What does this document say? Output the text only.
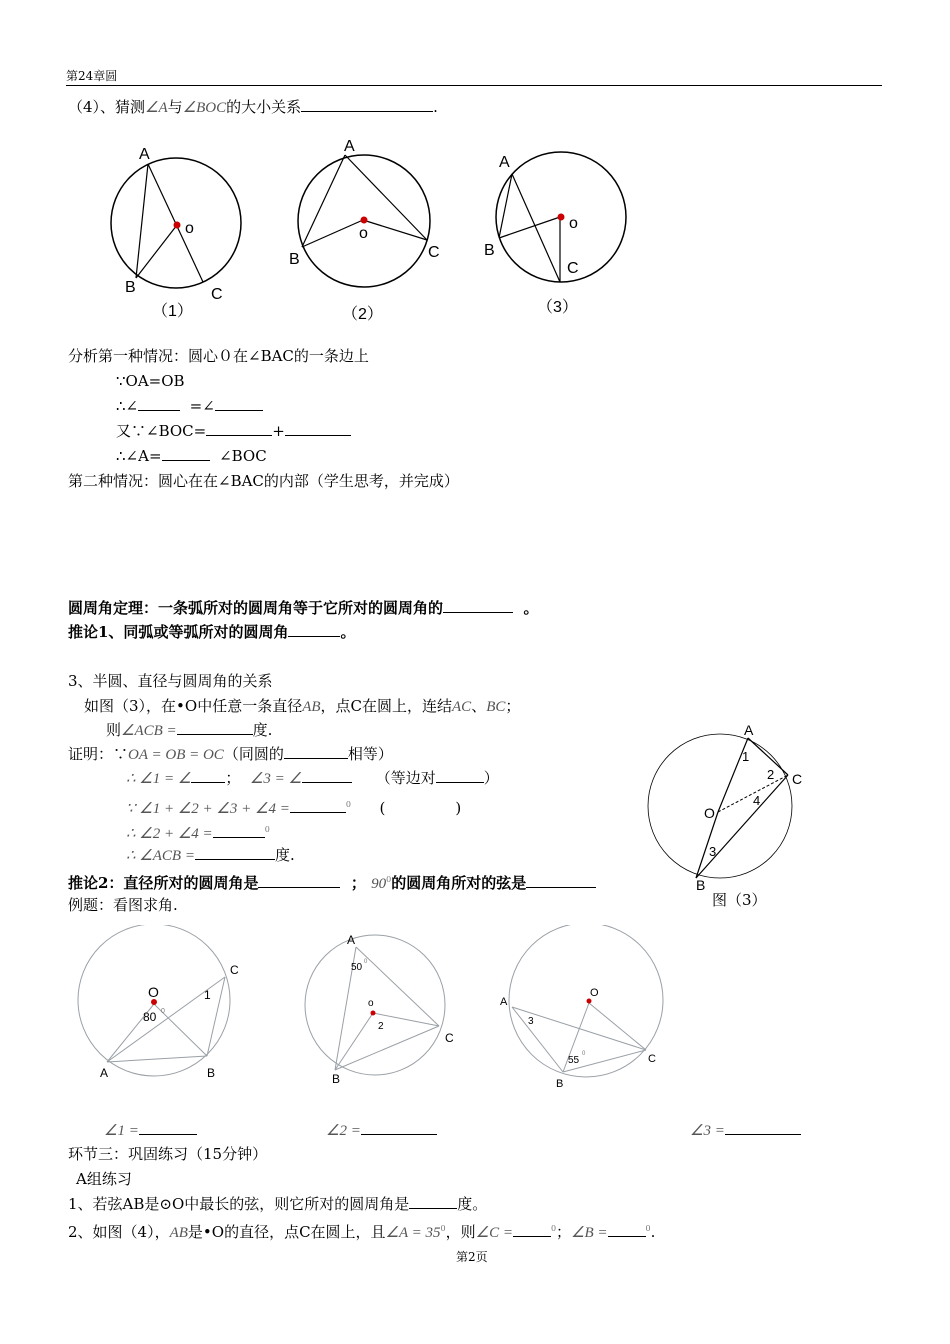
第24章圆
（4）、猜测∠A与∠BOC的大小关系	.
A
B	C
o
（1）
A
B	C
o
（2）
A
B
C
o
（3）
分析第一种情况：圆心０在∠BAC的一条边上
∵OA=OB
∴∠	=∠
又∵∠BOC=	+
∴∠A=	∠BOC
第二种情况：圆心在在∠BAC的内部（学生思考，并完成）
圆周角定理：一条弧所对的圆周角等于它所对的圆周角的	。
推论1、同弧或等弧所对的圆周角	。
3、半圆、直径与圆周角的关系
如图（3），在•O中任意一条直径AB，点C在圆上，连结AC、BC；
则∠ACB =	度.
证明：∵OA = OB = OC（同圆的	相等）
∴ ∠1 = ∠ ； ∠3 = ∠	（等边对	）
∵ ∠1 + ∠2 + ∠3 + ∠4 =	$^0$ (	)
∴ ∠2 + ∠4 =	$^0$
∴ ∠ACB =	度.
推论2：直径所对的圆周角是	； $90^0$的圆周角所对的弦是
例题：看图求角.
A
C
O
B
1
2
4
3
图（3）
O
80 0
1
A	B
C
A
50 0
o
2
B
C
A
O
3
55
0
B
C
∠1 =	∠2 =	∠3 =
环节三：巩固练习（15分钟）
A组练习
1、若弦AB是⊙O中最长的弦，则它所对的圆周角是	度。
2、如图（4），AB是•O的直径，点C在圆上，且∠A = $35^0$，则∠C =	$^0$；∠B =	$^0$.
第2页
